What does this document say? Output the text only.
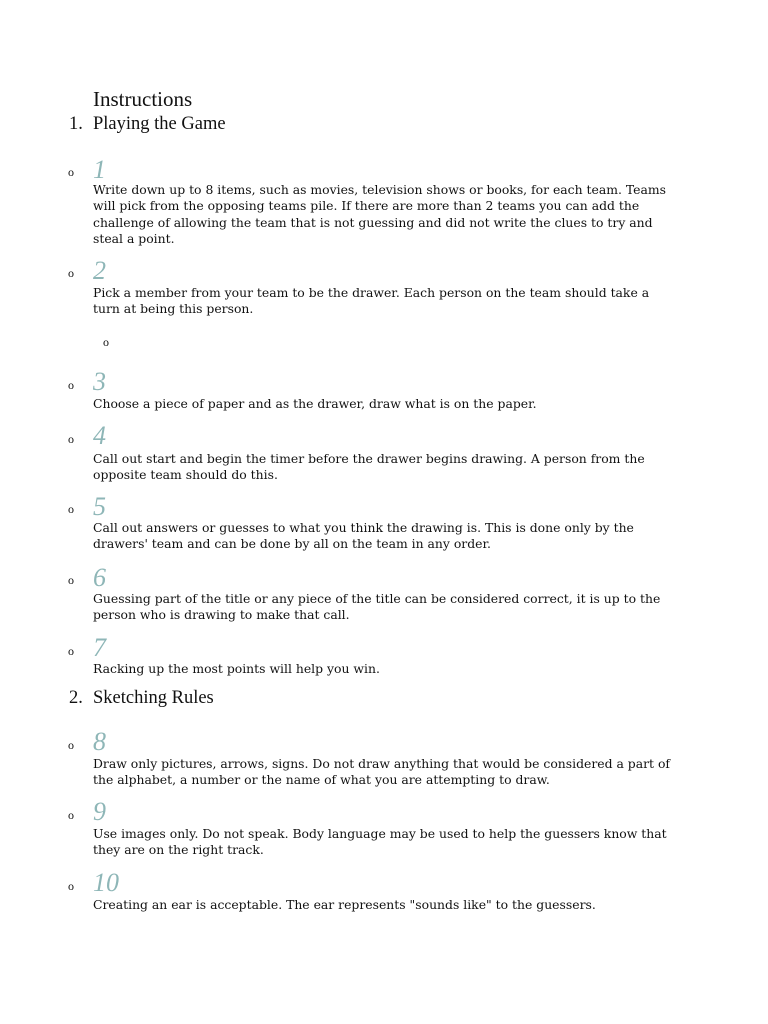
Instructions
1. Playing the Game
o 1
Write down up to 8 items, such as movies, television shows or books, for each team. Teams will pick from the opposing teams pile. If there are more than 2 teams you can add the challenge of allowing the team that is not guessing and did not write the clues to try and steal a point.
o 2
Pick a member from your team to be the drawer. Each person on the team should take a turn at being this person.
o
o 3
Choose a piece of paper and as the drawer, draw what is on the paper.
o 4
Call out start and begin the timer before the drawer begins drawing. A person from the opposite team should do this.
o 5
Call out answers or guesses to what you think the drawing is. This is done only by the drawers' team and can be done by all on the team in any order.
o 6
Guessing part of the title or any piece of the title can be considered correct, it is up to the person who is drawing to make that call.
o 7
Racking up the most points will help you win.
2. Sketching Rules
o 8
Draw only pictures, arrows, signs. Do not draw anything that would be considered a part of the alphabet, a number or the name of what you are attempting to draw.
o 9
Use images only. Do not speak. Body language may be used to help the guessers know that they are on the right track.
o 10
Creating an ear is acceptable. The ear represents "sounds like" to the guessers.
